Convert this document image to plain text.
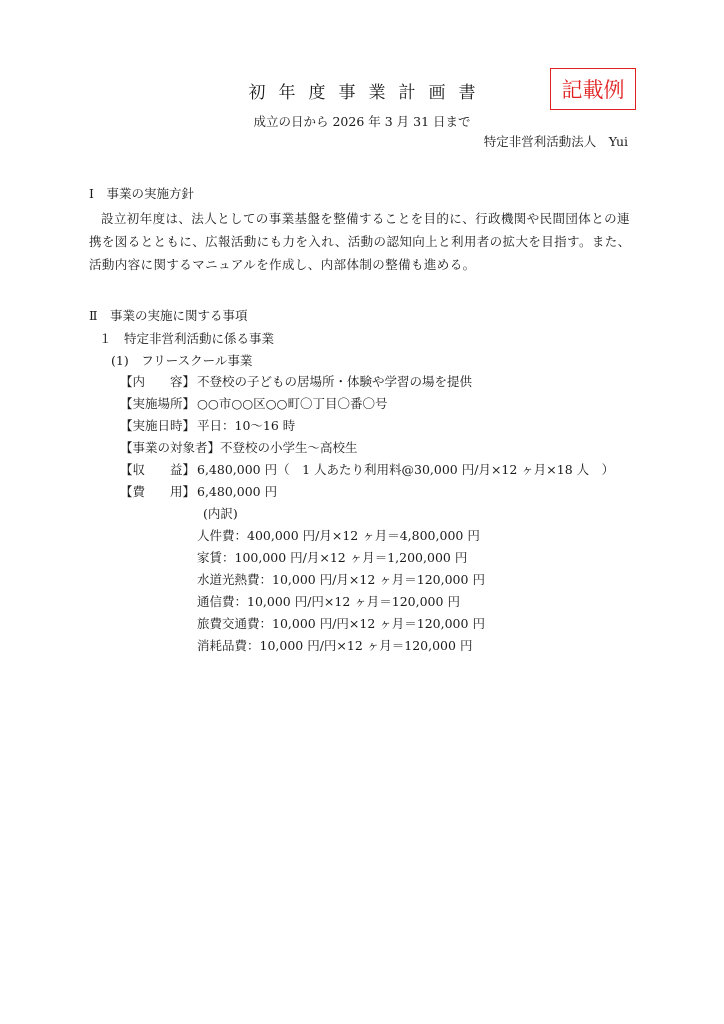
初年度事業計画書	記載例
成立の日から 2026 年 3 月 31 日まで
特定非営利活動法人　Yui
Ⅰ　事業の実施方針
設立初年度は、法人としての事業基盤を整備することを目的に、行政機関や民間団体との連携を図るとともに、広報活動にも力を入れ、活動の認知向上と利用者の拡大を目指す。また、活動内容に関するマニュアルを作成し、内部体制の整備も進める。
Ⅱ　事業の実施に関する事項
１　特定非営利活動に係る事業
(1)　フリースクール事業
【内　　容】 不登校の子どもの居場所・体験や学習の場を提供
【実施場所】 ○○市○○区○○町〇丁目〇番〇号
【実施日時】 平日：10～16 時
【事業の対象者】不登校の小学生～高校生
【収　　益】 6,480,000 円（　1 人あたり利用料@30,000 円/月×12 ヶ月×18 人　）
【費　　用】 6,480,000 円
(内訳)
人件費：400,000 円/月×12 ヶ月＝4,800,000 円
家賃：100,000 円/月×12 ヶ月＝1,200,000 円
水道光熱費：10,000 円/月×12 ヶ月＝120,000 円
通信費：10,000 円/円×12 ヶ月＝120,000 円
旅費交通費：10,000 円/円×12 ヶ月＝120,000 円
消耗品費：10,000 円/円×12 ヶ月＝120,000 円
